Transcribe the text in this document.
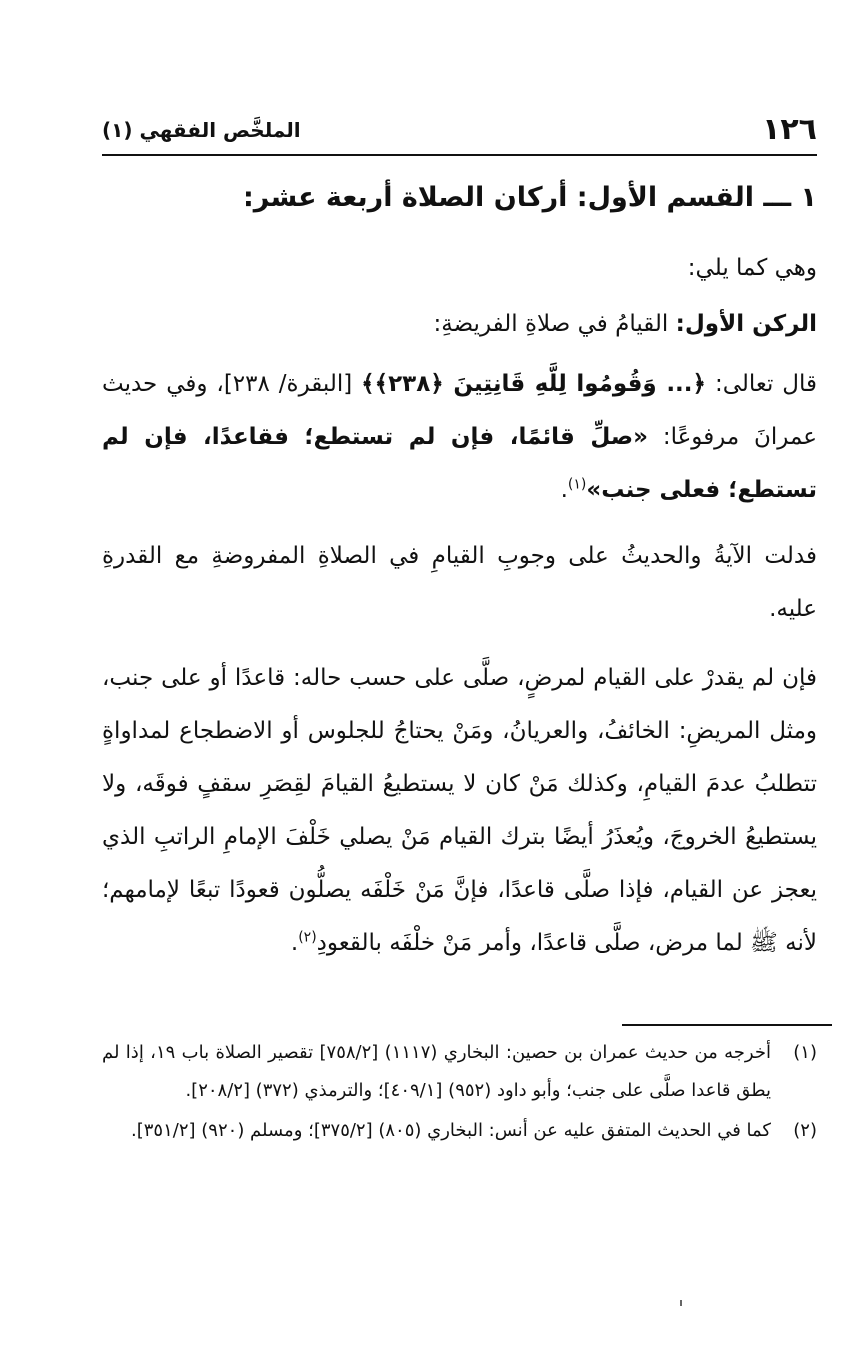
١٢٦
الملخَّص الفقهي (١)
١ ـــ القسم الأول: أركان الصلاة أربعة عشر:
وهي كما يلي:
الركن الأول: القيامُ في صلاةِ الفريضةِ:
قال تعالى: ﴿... وَقُومُوا لِلَّهِ قَانِتِينَ ﴿٢٣٨﴾﴾ [البقرة/ ٢٣٨]، وفي حديث عمرانَ مرفوعًا: «صلِّ قائمًا، فإن لم تستطع؛ فقاعدًا، فإن لم تستطع؛ فعلى جنب»$^{(١)}$.
فدلت الآيةُ والحديثُ على وجوبِ القيامِ في الصلاةِ المفروضةِ مع القدرةِ عليه.
فإن لم يقدرْ على القيام لمرضٍ، صلَّى على حسب حاله: قاعدًا أو على جنب، ومثل المريضِ: الخائفُ، والعريانُ، ومَنْ يحتاجُ للجلوس أو الاضطجاع لمداواةٍ تتطلبُ عدمَ القيامِ، وكذلك مَنْ كان لا يستطيعُ القيامَ لقِصَرِ سقفٍ فوقَه، ولا يستطيعُ الخروجَ، ويُعذَرُ أيضًا بترك القيام مَنْ يصلي خَلْفَ الإمامِ الراتبِ الذي يعجز عن القيام، فإذا صلَّى قاعدًا، فإنَّ مَنْ خَلْفَه يصلُّون قعودًا تبعًا لإمامهم؛ لأنه ﷺ لما مرض، صلَّى قاعدًا، وأمر مَنْ خلْفَه بالقعودِ$^{(٢)}$.
(١)
أخرجه من حديث عمران بن حصين: البخاري (١١١٧) [٧٥٨/٢] تقصير الصلاة باب ١٩، إذا لم يطق قاعدا صلَّى على جنب؛ وأبو داود (٩٥٢) [٤٠٩/١]؛ والترمذي (٣٧٢) [٢٠٨/٢].
(٢)
كما في الحديث المتفق عليه عن أنس: البخاري (٨٠٥) [٣٧٥/٢]؛ ومسلم (٩٢٠) [٣٥١/٢].
